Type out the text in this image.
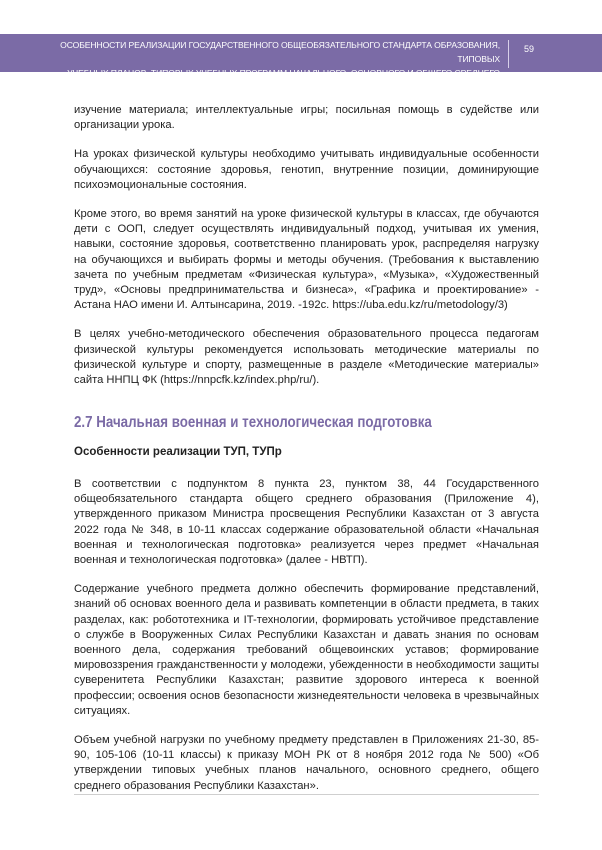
ОСОБЕННОСТИ РЕАЛИЗАЦИИ ГОСУДАРСТВЕННОГО ОБЩЕОБЯЗАТЕЛЬНОГО СТАНДАРТА ОБРАЗОВАНИЯ, ТИПОВЫХ
УЧЕБНЫХ ПЛАНОВ, ТИПОВЫХ УЧЕБНЫХ ПРОГРАММ НАЧАЛЬНОГО, ОСНОВНОГО И ОБЩЕГО СРЕДНЕГО ОБРАЗОВАНИЯ
59

изучение материала; интеллектуальные игры; посильная помощь в судействе или организации урока.

На уроках физической культуры необходимо учитывать индивидуальные особенности обучающихся: состояние здоровья, генотип, внутренние позиции, доминирующие психоэмоциональные состояния.

Кроме этого, во время занятий на уроке физической культуры в классах, где обучаются дети с ООП, следует осуществлять индивидуальный подход, учитывая их умения, навыки, состояние здоровья, соответственно планировать урок, распределяя нагрузку на обучающихся и выбирать формы и методы обучения. (Требования к выставлению зачета по учебным предметам «Физическая культура», «Музыка», «Художественный труд», «Основы предпринимательства и бизнеса», «Графика и проектирование» - Астана НАО имени И. Алтынсарина, 2019. -192с. https://uba.edu.kz/ru/metodology/3)

В целях учебно-методического обеспечения образовательного процесса педагогам физической культуры рекомендуется использовать методические материалы по физической культуре и спорту, размещенные в разделе «Методические материалы» сайта ННПЦ ФК (https://nnpcfk.kz/index.php/ru/).

2.7 Начальная военная и технологическая подготовка
Особенности реализации ТУП, ТУПр

В соответствии с подпунктом 8 пункта 23, пунктом 38, 44 Государственного общеобязательного стандарта общего среднего образования (Приложение 4), утвержденного приказом Министра просвещения Республики Казахстан от 3 августа 2022 года № 348, в 10-11 классах содержание образовательной области «Начальная военная и технологическая подготовка» реализуется через предмет «Начальная военная и технологическая подготовка» (далее - НВТП).

Содержание учебного предмета должно обеспечить формирование представлений, знаний об основах военного дела и развивать компетенции в области предмета, в таких разделах, как: робототехника и IT-технологии, формировать устойчивое представление о службе в Вооруженных Силах Республики Казахстан и давать знания по основам военного дела, содержания требований общевоинских уставов; формирование мировоззрения гражданственности у молодежи, убежденности в необходимости защиты суверенитета Республики Казахстан; развитие здорового интереса к военной профессии; освоения основ безопасности жизнедеятельности человека в чрезвычайных ситуациях.

Объем учебной нагрузки по учебному предмету представлен в Приложениях 21-30, 85-90, 105-106 (10-11 классы) к приказу МОН РК от 8 ноября 2012 года № 500) «Об утверждении типовых учебных планов начального, основного среднего, общего среднего образования Республики Казахстан».
